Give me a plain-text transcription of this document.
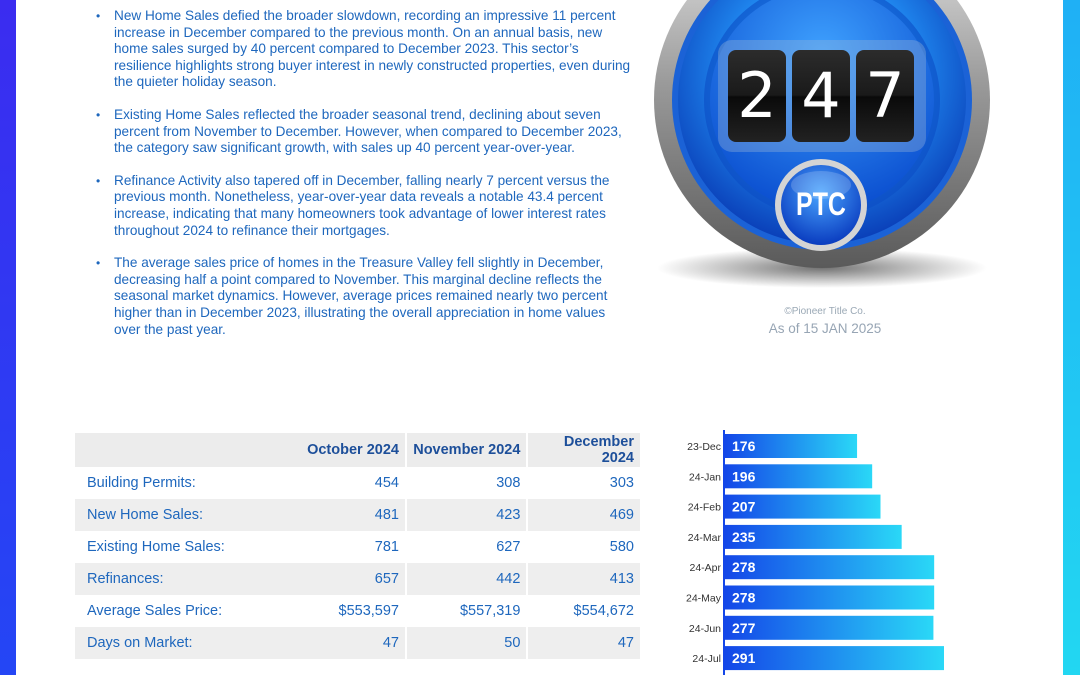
• New Home Sales defied the broader slowdown, recording an impressive 11 percent increase in December compared to the previous month. On an annual basis, new home sales surged by 40 percent compared to December 2023. This sector’s resilience highlights strong buyer interest in newly constructed properties, even during the quieter holiday season.
• Existing Home Sales reflected the broader seasonal trend, declining about seven percent from November to December. However, when compared to December 2023, the category saw significant growth, with sales up 40 percent year-over-year.
• Refinance Activity also tapered off in December, falling nearly 7 percent versus the previous month. Nonetheless, year-over-year data reveals a notable 43.4 percent increase, indicating that many homeowners took advantage of lower interest rates throughout 2024 to refinance their mortgages.
• The average sales price of homes in the Treasure Valley fell slightly in December, decreasing half a point compared to November. This marginal decline reflects the seasonal market dynamics. However, average prices remained nearly two percent higher than in December 2023, illustrating the overall appreciation in home values over the past year.
2 4 7
PTC
©Pioneer Title Co.
As of 15 JAN 2025
	October 2024	November 2024	December 2024
Building Permits:	454	308	303
New Home Sales:	481	423	469
Existing Home Sales:	781	627	580
Refinances:	657	442	413
Average Sales Price:	$553,597	$557,319	$554,672
Days on Market:	47	50	47
23-Dec 176
24-Jan 196
24-Feb 207
24-Mar 235
24-Apr 278
24-May 278
24-Jun 277
24-Jul 291
